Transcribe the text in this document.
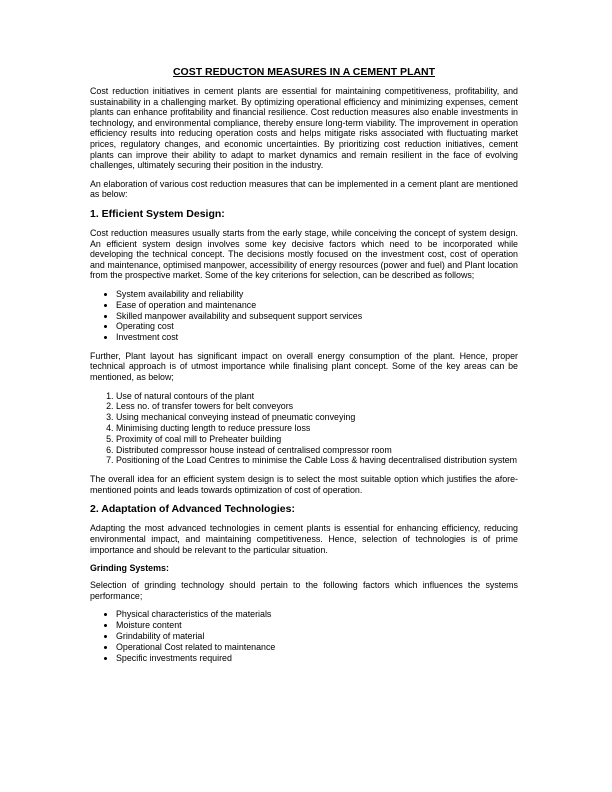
COST REDUCTON MEASURES IN A CEMENT PLANT

Cost reduction initiatives in cement plants are essential for maintaining competitiveness, profitability, and sustainability in a challenging market. By optimizing operational efficiency and minimizing expenses, cement plants can enhance profitability and financial resilience. Cost reduction measures also enable investments in technology, and environmental compliance, thereby ensure long-term viability. The improvement in operation efficiency results into reducing operation costs and helps mitigate risks associated with fluctuating market prices, regulatory changes, and economic uncertainties. By prioritizing cost reduction initiatives, cement plants can improve their ability to adapt to market dynamics and remain resilient in the face of evolving challenges, ultimately securing their position in the industry.

An elaboration of various cost reduction measures that can be implemented in a cement plant are mentioned as below:

1. Efficient System Design:

Cost reduction measures usually starts from the early stage, while conceiving the concept of system design. An efficient system design involves some key decisive factors which need to be incorporated while developing the technical concept. The decisions mostly focused on the investment cost, cost of operation and maintenance, optimised manpower, accessibility of energy resources (power and fuel) and Plant location from the prospective market. Some of the key criterions for selection, can be described as follows;

• System availability and reliability
• Ease of operation and maintenance
• Skilled manpower availability and subsequent support services
• Operating cost
• Investment cost

Further, Plant layout has significant impact on overall energy consumption of the plant. Hence, proper technical approach is of utmost importance while finalising plant concept. Some of the key areas can be mentioned, as below;

1. Use of natural contours of the plant
2. Less no. of transfer towers for belt conveyors
3. Using mechanical conveying instead of pneumatic conveying
4. Minimising ducting length to reduce pressure loss
5. Proximity of coal mill to Preheater building
6. Distributed compressor house instead of centralised compressor room
7. Positioning of the Load Centres to minimise the Cable Loss & having decentralised distribution system

The overall idea for an efficient system design is to select the most suitable option which justifies the afore-mentioned points and leads towards optimization of cost of operation.

2. Adaptation of Advanced Technologies:

Adapting the most advanced technologies in cement plants is essential for enhancing efficiency, reducing environmental impact, and maintaining competitiveness. Hence, selection of technologies is of prime importance and should be relevant to the particular situation.

Grinding Systems:

Selection of grinding technology should pertain to the following factors which influences the systems performance;

• Physical characteristics of the materials
• Moisture content
• Grindability of material
• Operational Cost related to maintenance
• Specific investments required
